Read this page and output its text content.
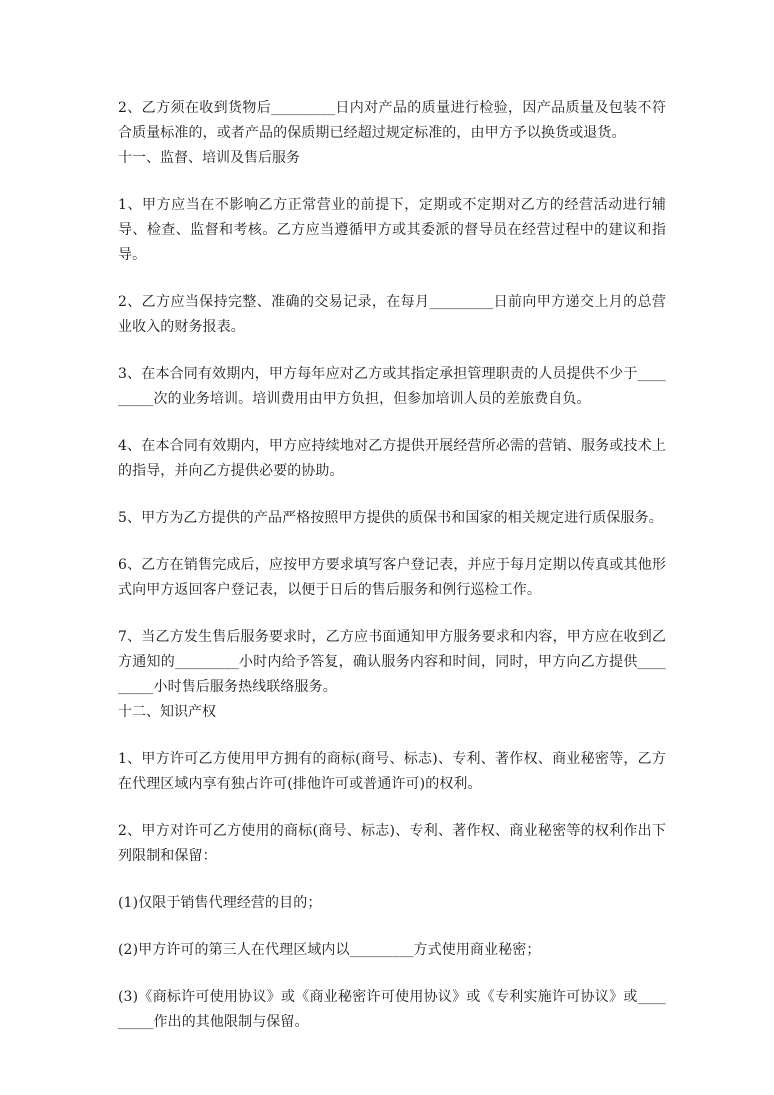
2、乙方须在收到货物后_________日内对产品的质量进行检验，因产品质量及包装不符合质量标准的，或者产品的保质期已经超过规定标准的，由甲方予以换货或退货。

十一、监督、培训及售后服务

1、甲方应当在不影响乙方正常营业的前提下，定期或不定期对乙方的经营活动进行辅导、检查、监督和考核。乙方应当遵循甲方或其委派的督导员在经营过程中的建议和指导。

2、乙方应当保持完整、准确的交易记录，在每月_________日前向甲方递交上月的总营业收入的财务报表。

3、在本合同有效期内，甲方每年应对乙方或其指定承担管理职责的人员提供不少于_________次的业务培训。培训费用由甲方负担，但参加培训人员的差旅费自负。

4、在本合同有效期内，甲方应持续地对乙方提供开展经营所必需的营销、服务或技术上的指导，并向乙方提供必要的协助。

5、甲方为乙方提供的产品严格按照甲方提供的质保书和国家的相关规定进行质保服务。

6、乙方在销售完成后，应按甲方要求填写客户登记表，并应于每月定期以传真或其他形式向甲方返回客户登记表，以便于日后的售后服务和例行巡检工作。

7、当乙方发生售后服务要求时，乙方应书面通知甲方服务要求和内容，甲方应在收到乙方通知的_________小时内给予答复，确认服务内容和时间，同时，甲方向乙方提供_________小时售后服务热线联络服务。

十二、知识产权

1、甲方许可乙方使用甲方拥有的商标(商号、标志)、专利、著作权、商业秘密等，乙方在代理区域内享有独占许可(排他许可或普通许可)的权利。

2、甲方对许可乙方使用的商标(商号、标志)、专利、著作权、商业秘密等的权利作出下列限制和保留：

(1)仅限于销售代理经营的目的；

(2)甲方许可的第三人在代理区域内以_________方式使用商业秘密；

(3)《商标许可使用协议》或《商业秘密许可使用协议》或《专利实施许可协议》或_________作出的其他限制与保留。
